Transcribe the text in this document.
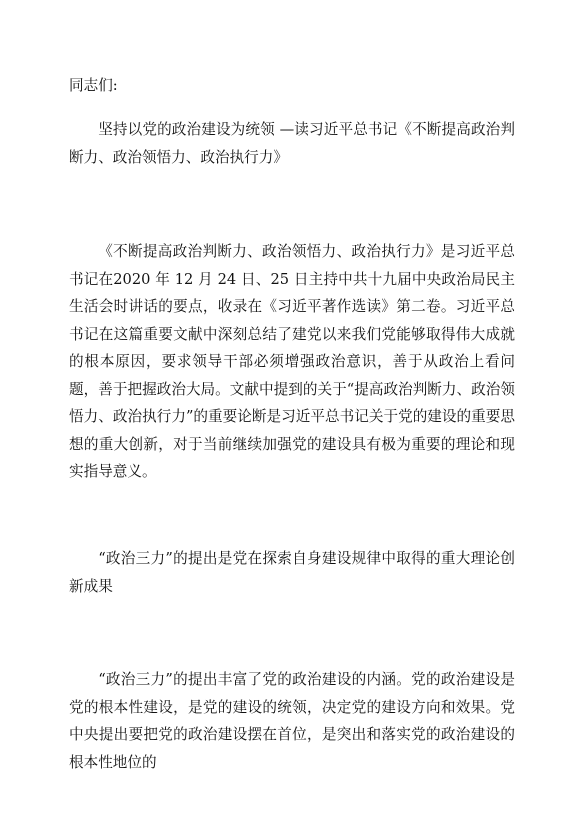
同志们:

坚持以党的政治建设为统领 —读习近平总书记《不断提高政治判断力、政治领悟力、政治执行力》

《不断提高政治判断力、政治领悟力、政治执行力》是习近平总书记在2020 年 12 月 24 日、25 日主持中共十九届中央政治局民主生活会时讲话的要点，收录在《习近平著作选读》第二卷。习近平总书记在这篇重要文献中深刻总结了建党以来我们党能够取得伟大成就的根本原因，要求领导干部必须增强政治意识，善于从政治上看问题，善于把握政治大局。文献中提到的关于“提高政治判断力、政治领悟力、政治执行力”的重要论断是习近平总书记关于党的建设的重要思想的重大创新，对于当前继续加强党的建设具有极为重要的理论和现实指导意义。

“政治三力”的提出是党在探索自身建设规律中取得的重大理论创新成果

“政治三力”的提出丰富了党的政治建设的内涵。党的政治建设是党的根本性建设，是党的建设的统领，决定党的建设方向和效果。党中央提出要把党的政治建设摆在首位，是突出和落实党的政治建设的根本性地位的
